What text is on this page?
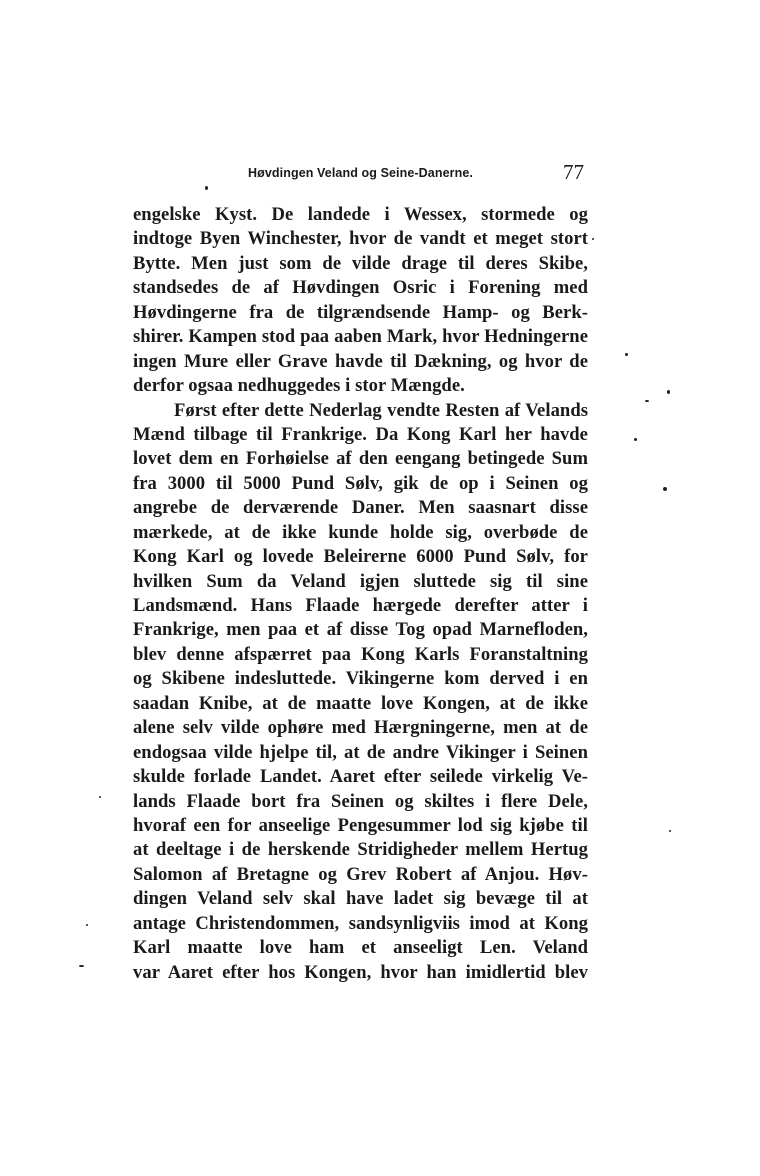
Høvdingen Veland og Seine-Danerne.	77
engelske Kyst. De landede i Wessex, stormede og
indtoge Byen Winchester, hvor de vandt et meget stort
Bytte. Men just som de vilde drage til deres Skibe,
standsedes de af Høvdingen Osric i Forening med
Høvdingerne fra de tilgrændsende Hamp- og Berk-
shirer. Kampen stod paa aaben Mark, hvor Hedningerne
ingen Mure eller Grave havde til Dækning, og hvor de
derfor ogsaa nedhuggedes i stor Mængde.
Først efter dette Nederlag vendte Resten af Velands
Mænd tilbage til Frankrige. Da Kong Karl her havde
lovet dem en Forhøielse af den eengang betingede Sum
fra 3000 til 5000 Pund Sølv, gik de op i Seinen og
angrebe de derværende Daner. Men saasnart disse
mærkede, at de ikke kunde holde sig, overbøde de
Kong Karl og lovede Beleirerne 6000 Pund Sølv, for
hvilken Sum da Veland igjen sluttede sig til sine
Landsmænd. Hans Flaade hærgede derefter atter i
Frankrige, men paa et af disse Tog opad Marnefloden,
blev denne afspærret paa Kong Karls Foranstaltning
og Skibene indesluttede. Vikingerne kom derved i en
saadan Knibe, at de maatte love Kongen, at de ikke
alene selv vilde ophøre med Hærgningerne, men at de
endogsaa vilde hjelpe til, at de andre Vikinger i Seinen
skulde forlade Landet. Aaret efter seilede virkelig Ve-
lands Flaade bort fra Seinen og skiltes i flere Dele,
hvoraf een for anseelige Pengesummer lod sig kjøbe til
at deeltage i de herskende Stridigheder mellem Hertug
Salomon af Bretagne og Grev Robert af Anjou. Høv-
dingen Veland selv skal have ladet sig bevæge til at
antage Christendommen, sandsynligviis imod at Kong
Karl maatte love ham et anseeligt Len. Veland
var Aaret efter hos Kongen, hvor han imidlertid blev
